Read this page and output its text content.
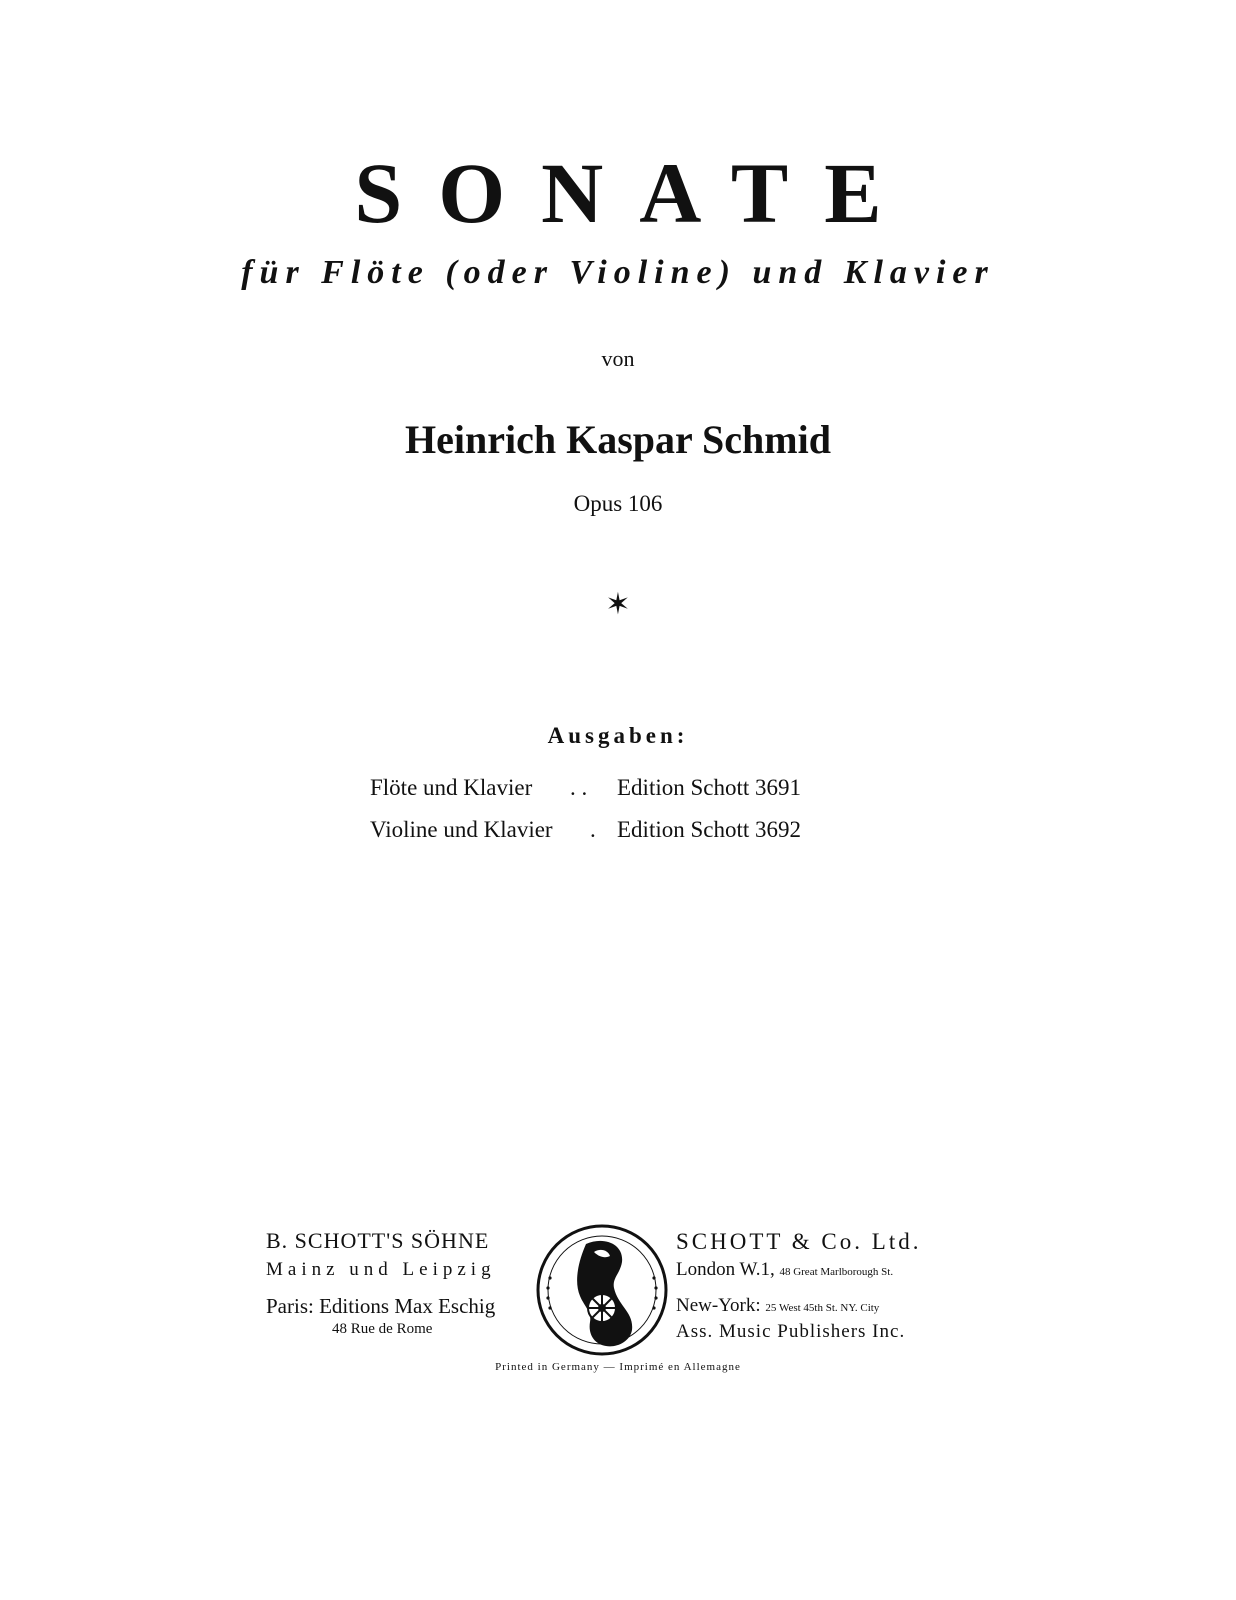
SONATE
für Flöte (oder Violine) und Klavier
von
Heinrich Kaspar Schmid
Opus 106
✶
Ausgaben:
Flöte und Klavier . . Edition Schott 3691
Violine und Klavier . Edition Schott 3692
B. SCHOTT'S SÖHNE
Mainz und Leipzig
Paris: Editions Max Eschig
48 Rue de Rome
SCHOTT & Co. Ltd.
London W.1, 48 Great Marlborough St.
New-York: 25 West 45th St. NY. City
Ass. Music Publishers Inc.
Printed in Germany — Imprimé en Allemagne
